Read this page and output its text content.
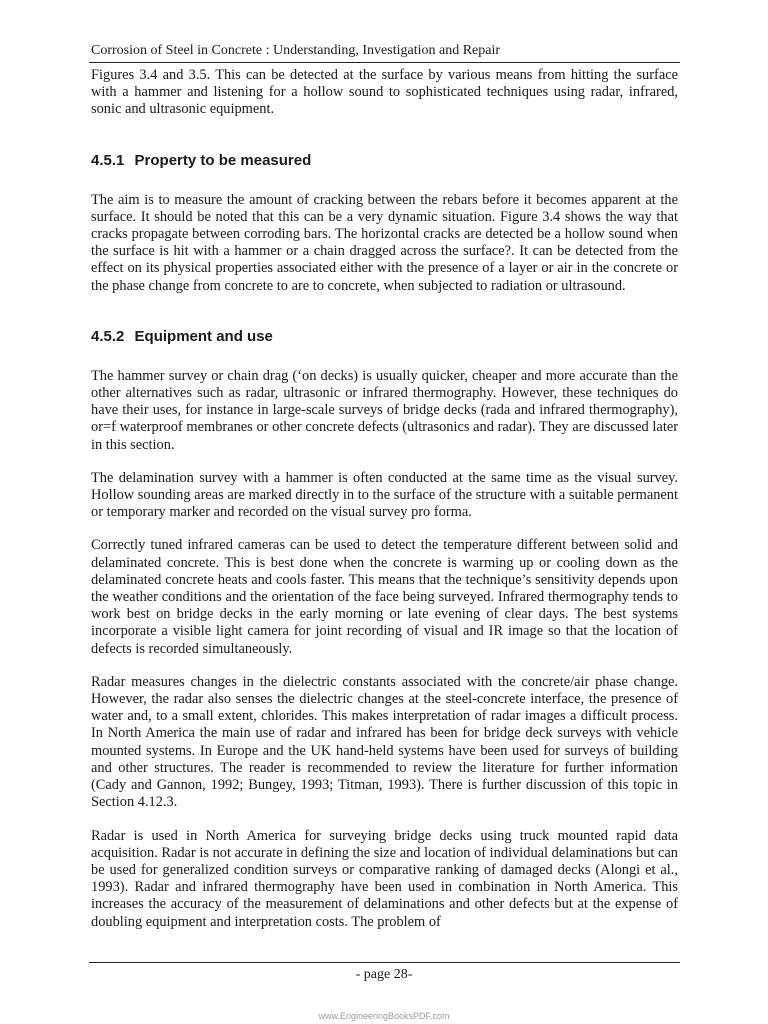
Corrosion of Steel in Concrete : Understanding, Investigation and Repair

Figures 3.4 and 3.5. This can be detected at the surface by various means from hitting the surface with a hammer and listening for a hollow sound to sophisticated techniques using radar, infrared, sonic and ultrasonic equipment.

4.5.1 Property to be measured

The aim is to measure the amount of cracking between the rebars before it becomes apparent at the surface. It should be noted that this can be a very dynamic situation. Figure 3.4 shows the way that cracks propagate between corroding bars. The horizontal cracks are detected be a hollow sound when the surface is hit with a hammer or a chain dragged across the surface?. It can be detected from the effect on its physical properties associated either with the presence of a layer or air in the concrete or the phase change from concrete to are to concrete, when subjected to radiation or ultrasound.

4.5.2 Equipment and use

The hammer survey or chain drag (‘on decks) is usually quicker, cheaper and more accurate than the other alternatives such as radar, ultrasonic or infrared thermography. However, these techniques do have their uses, for instance in large-scale surveys of bridge decks (rada and infrared thermography), or=f waterproof membranes or other concrete defects (ultrasonics and radar). They are discussed later in this section.

The delamination survey with a hammer is often conducted at the same time as the visual survey. Hollow sounding areas are marked directly in to the surface of the structure with a suitable permanent or temporary marker and recorded on the visual survey pro forma.

Correctly tuned infrared cameras can be used to detect the temperature different between solid and delaminated concrete. This is best done when the concrete is warming up or cooling down as the delaminated concrete heats and cools faster. This means that the technique’s sensitivity depends upon the weather conditions and the orientation of the face being surveyed. Infrared thermography tends to work best on bridge decks in the early morning or late evening of clear days. The best systems incorporate a visible light camera for joint recording of visual and IR image so that the location of defects is recorded simultaneously.

Radar measures changes in the dielectric constants associated with the concrete/air phase change. However, the radar also senses the dielectric changes at the steel-concrete interface, the presence of water and, to a small extent, chlorides. This makes interpretation of radar images a difficult process. In North America the main use of radar and infrared has been for bridge deck surveys with vehicle mounted systems. In Europe and the UK hand-held systems have been used for surveys of building and other structures. The reader is recommended to review the literature for further information (Cady and Gannon, 1992; Bungey, 1993; Titman, 1993). There is further discussion of this topic in Section 4.12.3.

Radar is used in North America for surveying bridge decks using truck mounted rapid data acquisition. Radar is not accurate in defining the size and location of individual delaminations but can be used for generalized condition surveys or comparative ranking of damaged decks (Alongi et al., 1993). Radar and infrared thermography have been used in combination in North America. This increases the accuracy of the measurement of delaminations and other defects but at the expense of doubling equipment and interpretation costs. The problem of

- page 28-
www.EngineeringBooksPDF.com
